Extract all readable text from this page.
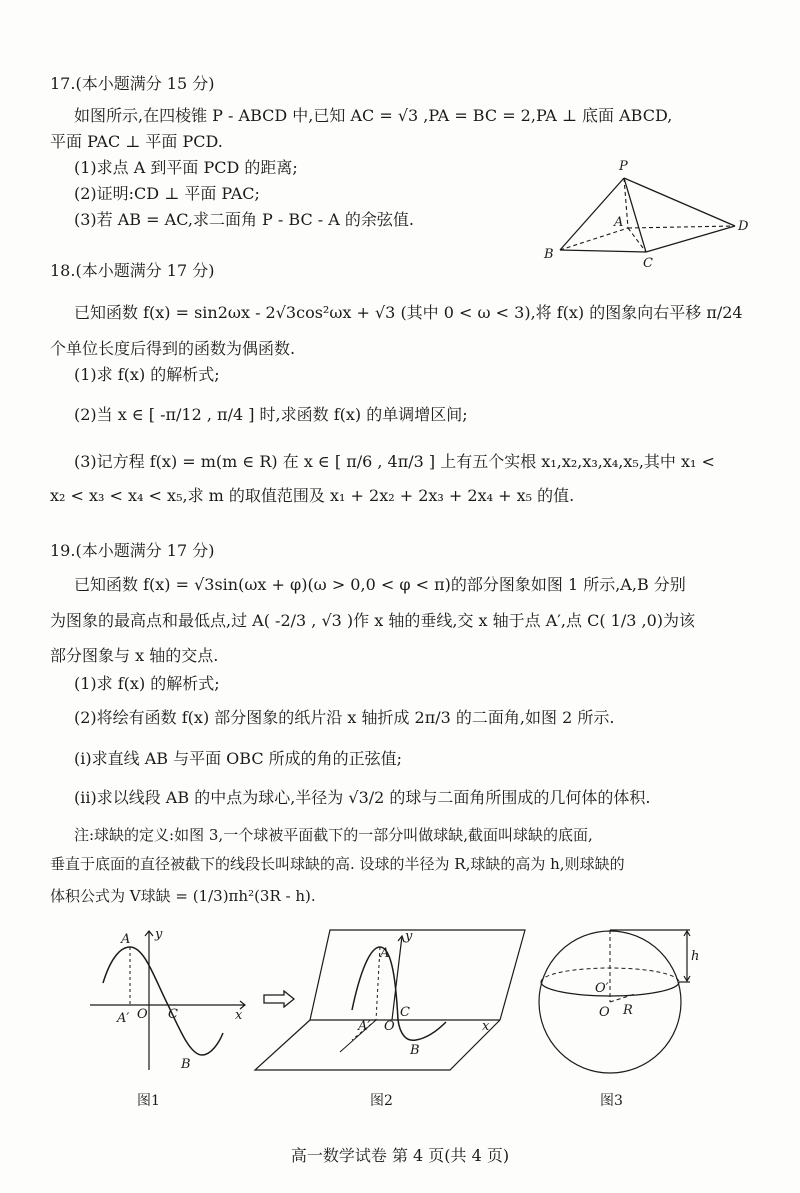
17.(本小题满分 15 分)
如图所示,在四棱锥 P - ABCD 中,已知 AC = √3 ,PA = BC = 2,PA ⊥ 底面 ABCD,
平面 PAC ⊥ 平面 PCD.
(1)求点 A 到平面 PCD 的距离;
(2)证明:CD ⊥ 平面 PAC;
(3)若 AB = AC,求二面角 P - BC - A 的余弦值.
P
A
B
C
D
18.(本小题满分 17 分)
已知函数 f(x) = sin2ωx - 2√3cos²ωx + √3 (其中 0 < ω < 3),将 f(x) 的图象向右平移 π/24
个单位长度后得到的函数为偶函数.
(1)求 f(x) 的解析式;
(2)当 x ∈ [ -π/12 , π/4 ] 时,求函数 f(x) 的单调增区间;
(3)记方程 f(x) = m(m ∈ R) 在 x ∈ [ π/6 , 4π/3 ] 上有五个实根 x₁,x₂,x₃,x₄,x₅,其中 x₁ <
x₂ < x₃ < x₄ < x₅,求 m 的取值范围及 x₁ + 2x₂ + 2x₃ + 2x₄ + x₅ 的值.
19.(本小题满分 17 分)
已知函数 f(x) = √3sin(ωx + φ)(ω > 0,0 < φ < π)的部分图象如图 1 所示,A,B 分别
为图象的最高点和最低点,过 A( -2/3 , √3 )作 x 轴的垂线,交 x 轴于点 A′,点 C( 1/3 ,0)为该
部分图象与 x 轴的交点.
(1)求 f(x) 的解析式;
(2)将绘有函数 f(x) 部分图象的纸片沿 x 轴折成 2π/3 的二面角,如图 2 所示.
(i)求直线 AB 与平面 OBC 所成的角的正弦值;
(ii)求以线段 AB 的中点为球心,半径为 √3/2 的球与二面角所围成的几何体的体积.
注:球缺的定义:如图 3,一个球被平面截下的一部分叫做球缺,截面叫球缺的底面,
垂直于底面的直径被截下的线段长叫球缺的高. 设球的半径为 R,球缺的高为 h,则球缺的
体积公式为 V球缺 = (1/3)πh²(3R - h).
y
A
A′ O C	x
B
图1
y
A
A′ O
C
x
B
图2
h
O′
O R
图3
高一数学试卷 第 4 页(共 4 页)
